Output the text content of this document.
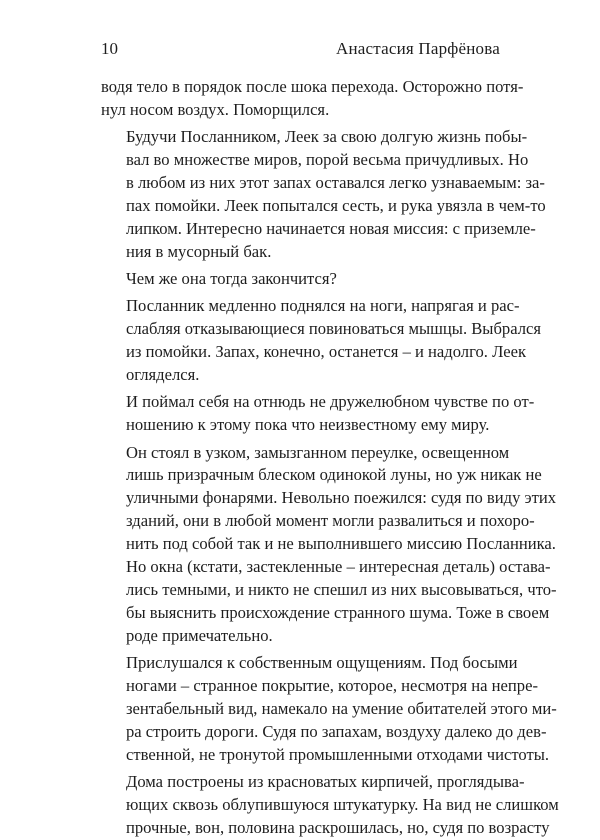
10	Анастасия Парфёнова

водя тело в порядок после шока перехода. Осторожно потя-
нул носом воздух. Поморщился.

Будучи Посланником, Леек за свою долгую жизнь побы-
вал во множестве миров, порой весьма причудливых. Но
в любом из них этот запах оставался легко узнаваемым: за-
пах помойки. Леек попытался сесть, и рука увязла в чем-то
липком. Интересно начинается новая миссия: с приземле-
ния в мусорный бак.

Чем же она тогда закончится?

Посланник медленно поднялся на ноги, напрягая и рас-
слабляя отказывающиеся повиноваться мышцы. Выбрался
из помойки. Запах, конечно, останется – и надолго. Леек
огляделся.

И поймал себя на отнюдь не дружелюбном чувстве по от-
ношению к этому пока что неизвестному ему миру.

Он стоял в узком, замызганном переулке, освещенном
лишь призрачным блеском одинокой луны, но уж никак не
уличными фонарями. Невольно поежился: судя по виду этих
зданий, они в любой момент могли развалиться и похоро-
нить под собой так и не выполнившего миссию Посланника.
Но окна (кстати, застекленные – интересная деталь) остава-
лись темными, и никто не спешил из них высовываться, что-
бы выяснить происхождение странного шума. Тоже в своем
роде примечательно.

Прислушался к собственным ощущениям. Под босыми
ногами – странное покрытие, которое, несмотря на непре-
зентабельный вид, намекало на умение обитателей этого ми-
ра строить дороги. Судя по запахам, воздуху далеко до дев-
ственной, не тронутой промышленными отходами чистоты.

Дома построены из красноватых кирпичей, проглядыва-
ющих сквозь облупившуюся штукатурку. На вид не слишком
прочные, вон, половина раскрошилась, но, судя по возрасту
